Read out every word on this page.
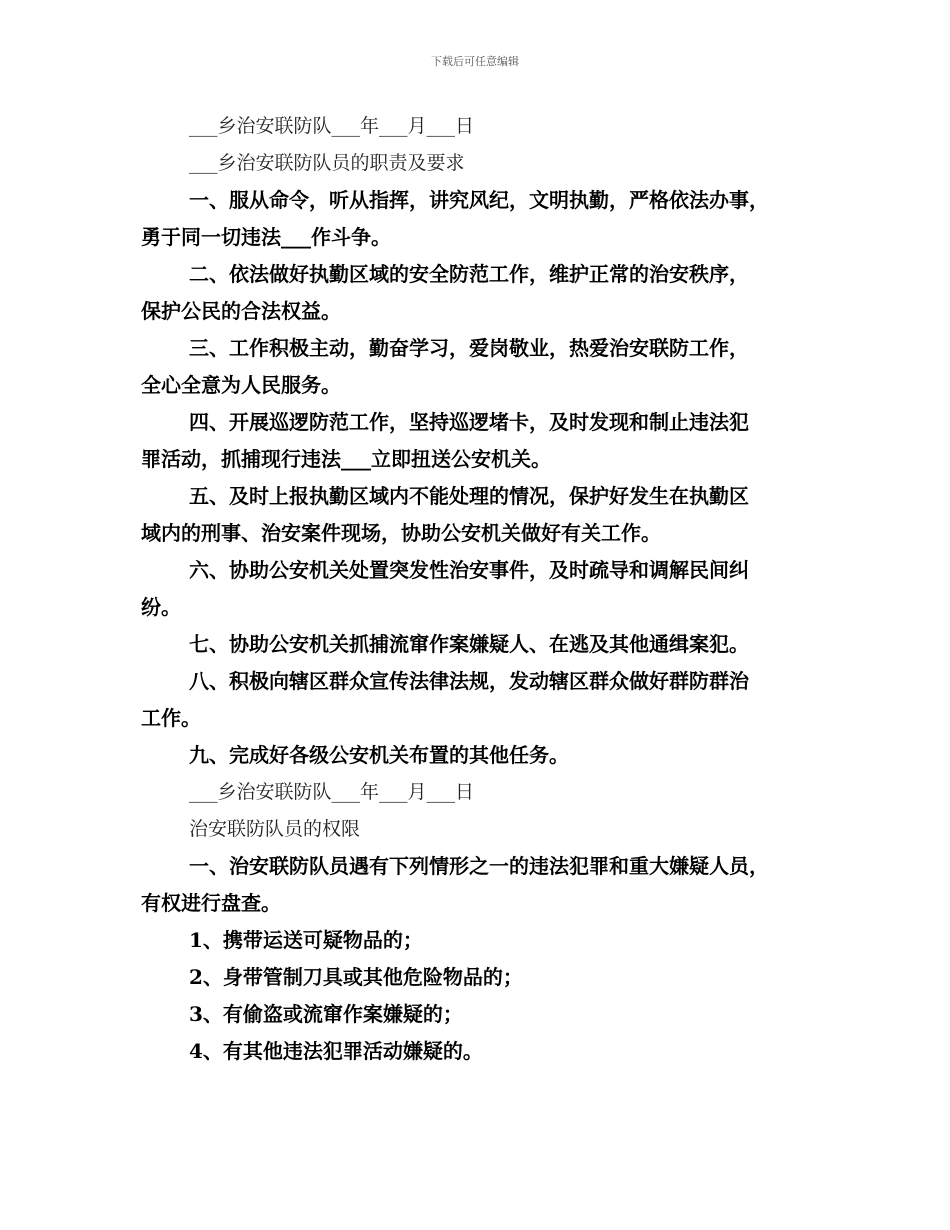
下载后可任意编辑

___乡治安联防队___年___月___日

___乡治安联防队员的职责及要求

一、服从命令，听从指挥，讲究风纪，文明执勤，严格依法办事，

勇于同一切违法___作斗争。

二、依法做好执勤区域的安全防范工作，维护正常的治安秩序，

保护公民的合法权益。

三、工作积极主动，勤奋学习，爱岗敬业，热爱治安联防工作，

全心全意为人民服务。

四、开展巡逻防范工作，坚持巡逻堵卡，及时发现和制止违法犯

罪活动，抓捕现行违法___立即扭送公安机关。

五、及时上报执勤区域内不能处理的情况，保护好发生在执勤区

域内的刑事、治安案件现场，协助公安机关做好有关工作。

六、协助公安机关处置突发性治安事件，及时疏导和调解民间纠

纷。

七、协助公安机关抓捕流窜作案嫌疑人、在逃及其他通缉案犯。

八、积极向辖区群众宣传法律法规，发动辖区群众做好群防群治

工作。

九、完成好各级公安机关布置的其他任务。

___乡治安联防队___年___月___日

治安联防队员的权限

一、治安联防队员遇有下列情形之一的违法犯罪和重大嫌疑人员，

有权进行盘查。

1、携带运送可疑物品的；

2、身带管制刀具或其他危险物品的；

3、有偷盗或流窜作案嫌疑的；

4、有其他违法犯罪活动嫌疑的。
